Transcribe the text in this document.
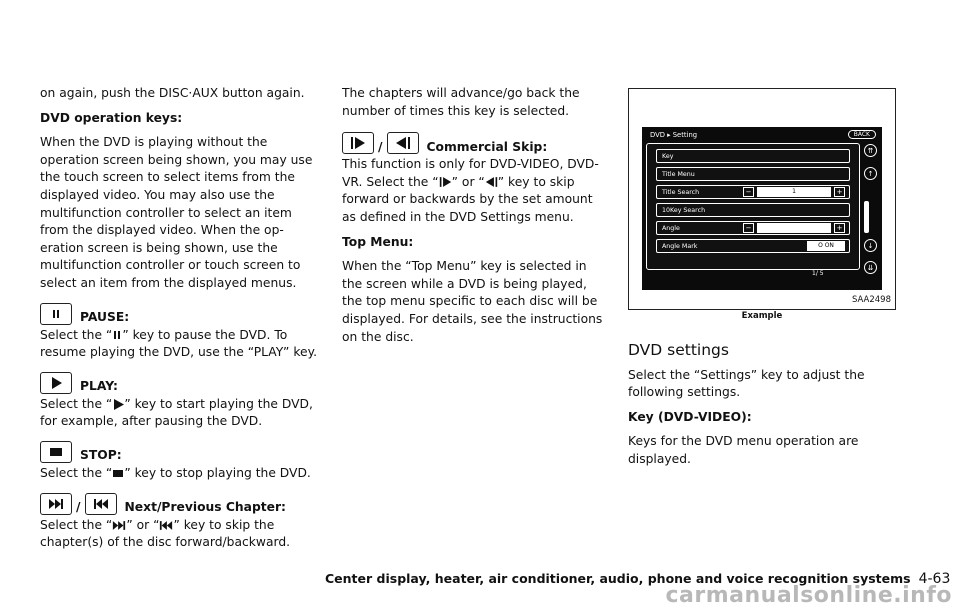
on again, push the DISC·AUX button again.

DVD operation keys:

When the DVD is playing without the operation screen being shown, you may use the touch screen to select items from the displayed video. You may also use the multifunction controller to select an item from the displayed video. When the op-eration screen is being shown, use the multifunction controller or touch screen to select an item from the displayed menus.

PAUSE:

Select the “ ” key to pause the DVD. To resume playing the DVD, use the “PLAY” key.

PLAY:

Select the “ ” key to start playing the DVD, for example, after pausing the DVD.

STOP:

Select the “ ” key to stop playing the DVD.

/	Next/Previous Chapter:

Select the “ ” or “ ” key to skip the chapter(s) of the disc forward/backward.

The chapters will advance/go back the number of times this key is selected.

/	Commercial Skip:

This function is only for DVD-VIDEO, DVD-VR. Select the “ ” or “ ” key to skip forward or backwards by the set amount as defined in the DVD Settings menu.

Top Menu:

When the “Top Menu” key is selected in the screen while a DVD is being played, the top menu specific to each disc will be displayed. For details, see the instructions on the disc.

DVD ▸ Setting	BACK
Key
Title Menu
Title Search	−	1	+
10Key Search
Angle	−	+
Angle Mark	O ON
⇈
↑
↓
⇊
1/ 5
SAA2498
Example

DVD settings

Select the “Settings” key to adjust the following settings.

Key (DVD-VIDEO):

Keys for the DVD menu operation are displayed.

Center display, heater, air conditioner, audio, phone and voice recognition systems 4-63
carmanualsonline.info
